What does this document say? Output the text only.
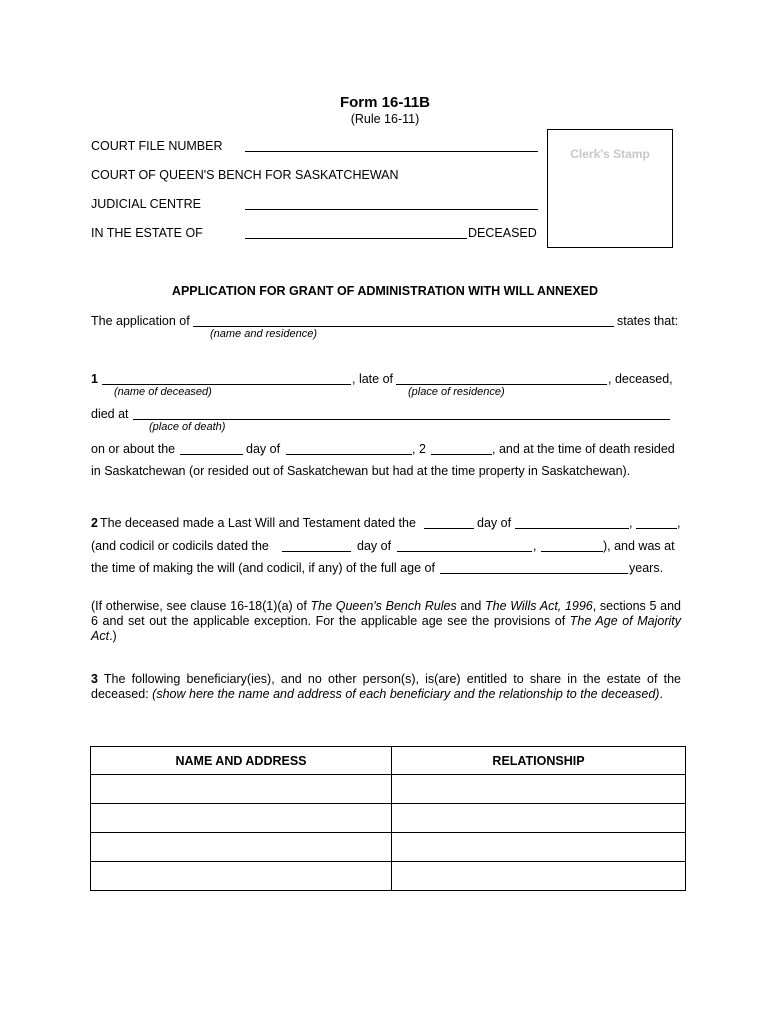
Form 16-11B
(Rule 16-11)
Clerk's Stamp
COURT FILE NUMBER
COURT OF QUEEN'S BENCH FOR SASKATCHEWAN
JUDICIAL CENTRE
IN THE ESTATE OF	DECEASED
APPLICATION FOR GRANT OF ADMINISTRATION WITH WILL ANNEXED
The application of	states that:
(name and residence)
1	, late of	, deceased,
(name of deceased)	(place of residence)
died at
(place of death)
on or about the	day of	, 2	, and at the time of death resided
in Saskatchewan (or resided out of Saskatchewan but had at the time property in Saskatchewan).
2 The deceased made a Last Will and Testament dated the	day of	,	,
(and codicil or codicils dated the	day of	,	), and was at
the time of making the will (and codicil, if any) of the full age of	years.
(If otherwise, see clause 16-18(1)(a) of The Queen's Bench Rules and The Wills Act, 1996, sections 5 and 6 and set out the applicable exception. For the applicable age see the provisions of The Age of Majority Act.)
3 The following beneficiary(ies), and no other person(s), is(are) entitled to share in the estate of the deceased: (show here the name and address of each beneficiary and the relationship to the deceased).
NAME AND ADDRESS	RELATIONSHIP
